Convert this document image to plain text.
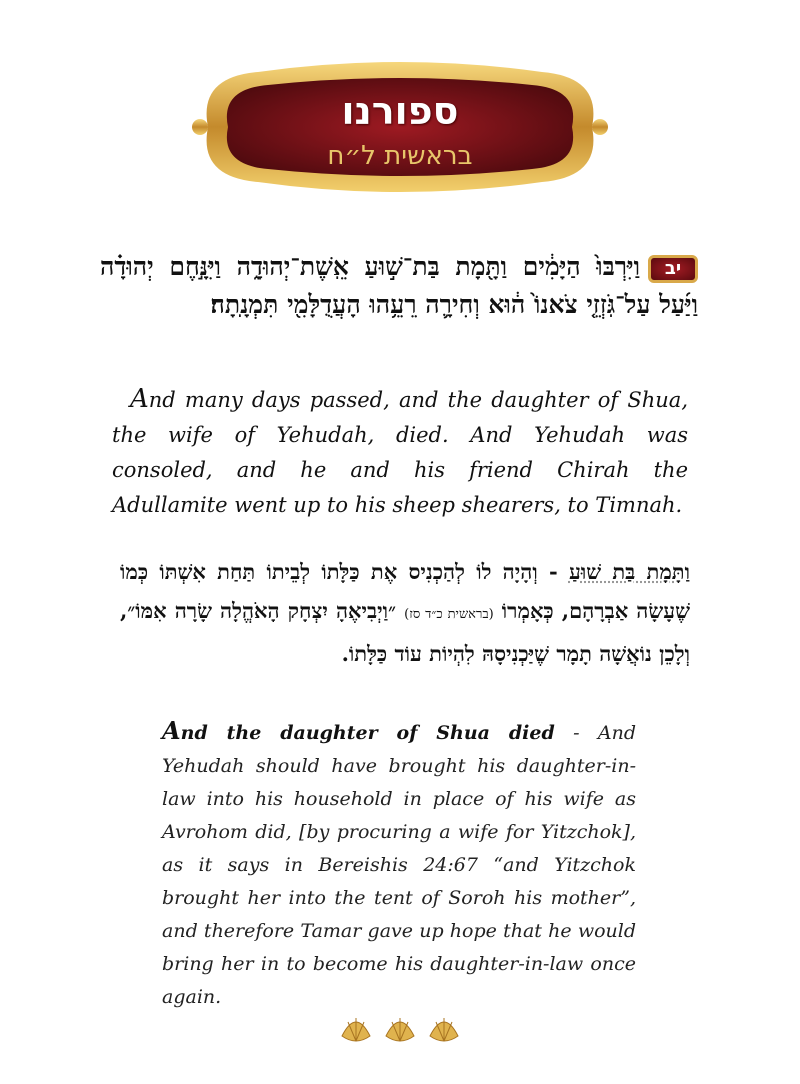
ספורנו
בראשית ל״ח
יבוַיִּרְבּוּ֙ הַיָּמִ֔ים וַתָּ֖מָת בַּת־שׁ֣וּעַ אֵֽשֶׁת־יְהוּדָ֑ה וַיִּנָּ֣חֶם יְהוּדָ֗ה וַיַּ֜עַל עַל־גֹּֽזְזֵ֤י צֹאנוֹ֙ ה֔וּא וְחִירָ֛ה רֵעֵ֥הוּ הָעֲדֻלָּמִ֖י תִּמְנָֽתָה׃
And many days passed, and the daughter of Shua, the wife of Yehudah, died. And Yehudah was consoled, and he and his friend Chirah the Adullamite went up to his sheep shearers, to Timnah.
וַתָּמָת בַּת שׁוּעַ - וְהָיָה לוֹ לְהַכְנִיס אֶת כַּלָּתוֹ לְבֵיתוֹ תַּחַת אִשְׁתּוֹ כְּמוֹ שֶׁעָשָׂה אַבְרָהָם, כְּאָמְרוֹ (בראשית כ״ד סז) ״וַיְבִיאֶהָ יִצְחָק הָאֹהֱלָה שָׂרָה אִמּוֹ״, וְלָכֵן נוֹאֲשָׁה תָמָר שֶׁיַּכְנִיסָהּ לִהְיוֹת עוֹד כַּלָּתוֹ.
And the daughter of Shua died - And Yehudah should have brought his daughter-in-law into his household in place of his wife as Avrohom did, [by procuring a wife for Yitzchok], as it says in Bereishis 24:67 “and Yitzchok brought her into the tent of Soroh his mother”, and therefore Tamar gave up hope that he would bring her in to become his daughter-in-law once again.
